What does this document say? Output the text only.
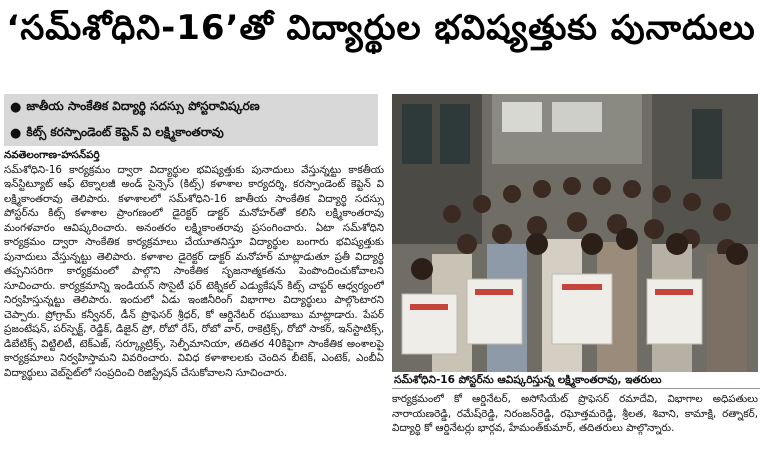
‘సమ్‌శోధిని-16’తో విద్యార్థుల భవిష్యత్తుకు పునాదులు
● జాతీయ సాంకేతిక విద్యార్థి సదస్సు పోస్టరావిష్కరణ
● కిట్స్ కరస్పాండెంట్ కెప్టెన్ వి లక్ష్మికాంతరావు
నవతెలంగాణ-హసన్‌పర్తి

సమ్‌శోధిని-16 కార్యక్రమం ద్వారా విద్యార్థుల భవిష్యత్తుకు పునాదులు వేస్తున్నట్టు కాకతీయ ఇన్‌స్టిట్యూట్ ఆఫ్ టెక్నాలజీ అండ్ సైన్సెస్ (కిట్స్) కళాశాల కార్యదర్శి, కరస్పాండెంట్ కెప్టెన్ వి లక్ష్మికాంతరావు తెలిపారు. కళాశాలలో సమ్‌శోధిని-16 జాతీయ సాంకేతిక విద్యార్థి సదస్సు పోస్టర్‌ను కిట్స్ కళాశాల ప్రాంగణంలో డైరెక్టర్ డాక్టర్ మనోహర్‌తో కలిసి లక్ష్మికాంతరావు మంగళవారం ఆవిష్కరించారు. అనంతరం లక్ష్మికాంతరావు ప్రసంగించారు. ఏటా సమ్‌శోధిని కార్యక్రమం ద్వారా సాంకేతిక కార్యక్రమాలు చేయూతనిస్తూ విద్యార్థుల బంగారు భవిష్యత్తుకు పునాదులు వేస్తున్నట్టు తెలిపారు. కళాశాల డైరెక్టర్ డాక్టర్ మనోహర్ మాట్లాడుతూ ప్రతీ విద్యార్థి తప్పనిసరిగా కార్యక్రమంలో పాల్గొని సాంకేతిక సృజనాత్మకతను పెంపొందించుకోవాలని సూచించారు. కార్యక్రమాన్ని ఇండియన్ సొసైటీ ఫర్ టెక్నికల్ ఎడ్యుకేషన్ కిట్స్ చాప్టర్ ఆధ్వర్యంలో నిర్వహిస్తున్నట్టు తెలిపారు. ఇందులో ఏడు ఇంజినీరింగ్ విభాగాల విద్యార్థులు పాల్గొంటారని చెప్పారు. ప్రోగ్రామ్ కన్వీనర్, డీన్ ప్రొఫెసర్ శ్రీధర్, కో ఆర్డినేటర్ రఘుబాబు మాట్లాడారు. పేపర్ ప్రజంటేషన్, పర్‌స్పెక్ట్, రెడ్డిక్, డిజైన్ ప్రో, రోబో రేస్, రోబో వార్, రాకెట్రిక్స్, రోబో సాకర్, ఇన్‌స్టాటిక్స్, డిబేటిక్స్ విట్టిలిటీ, టెక్‌ఎజ్, సర్క్యూట్రిక్స్, సెల్ఫీమానియా, తదితర 40కిపైగా సాంకేతిక అంశాలపై కార్యక్రమాలు నిర్వహిస్తామని వివరించారు. వివిధ కళాశాలలకు చెందిన బీటెక్, ఎంటెక్, ఎంబీఏ విద్యార్థులు వెబ్‌సైట్‌లో సంప్రదించి రిజిస్ట్రేషన్ చేసుకోవాలని సూచించారు.

సమ్‌శోధిని-16 పోస్టర్‌ను ఆవిష్కరిస్తున్న లక్ష్మికాంతరావు, ఇతరులు

కార్యక్రమంలో కో ఆర్డినేటర్, అసోసియేట్ ప్రొఫెసర్ రమాదేవి, విభాగాల అధిపతులు నారాయణరెడ్డి, రమేష్‌రెడ్డి, నిరంజన్‌రెడ్డి, రఘోత్తమరెడ్డి, శ్రీలత, శివాని, కామాక్షి, రత్నాకర్, విద్యార్థి కో ఆర్డినేటర్లు భార్గవ, హేమంత్‌కుమార్, తదితరులు పాల్గొన్నారు.
